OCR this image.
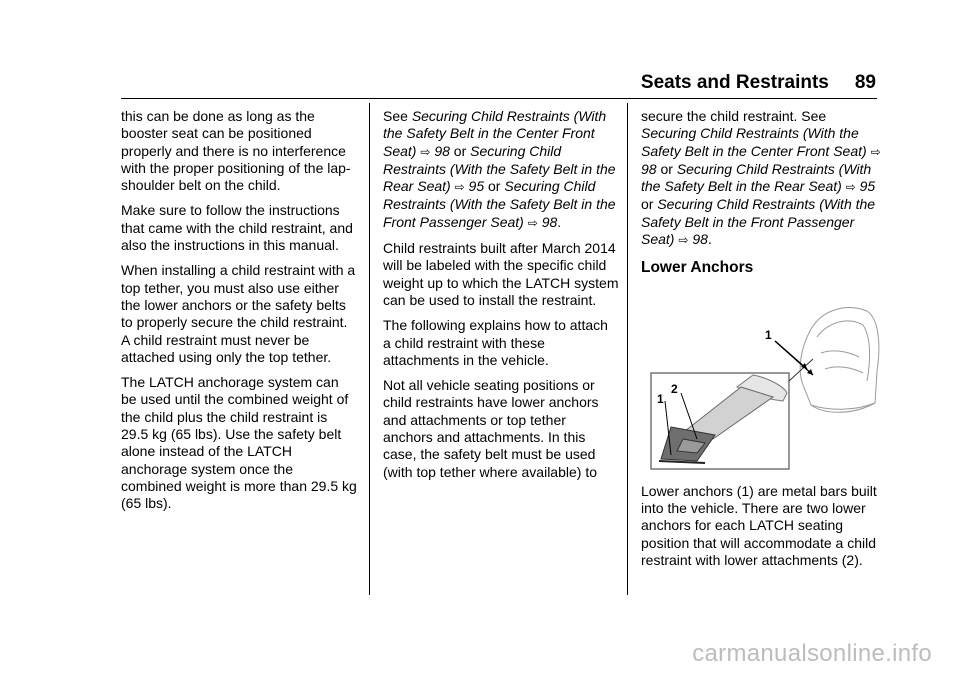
Seats and Restraints 89

this can be done as long as the booster seat can be positioned properly and there is no interference with the proper positioning of the lap-shoulder belt on the child.

Make sure to follow the instructions that came with the child restraint, and also the instructions in this manual.

When installing a child restraint with a top tether, you must also use either the lower anchors or the safety belts to properly secure the child restraint. A child restraint must never be attached using only the top tether.

The LATCH anchorage system can be used until the combined weight of the child plus the child restraint is 29.5 kg (65 lbs). Use the safety belt alone instead of the LATCH anchorage system once the combined weight is more than 29.5 kg (65 lbs).

See Securing Child Restraints (With the Safety Belt in the Center Front Seat) ⇨ 98 or Securing Child Restraints (With the Safety Belt in the Rear Seat) ⇨ 95 or Securing Child Restraints (With the Safety Belt in the Front Passenger Seat) ⇨ 98.

Child restraints built after March 2014 will be labeled with the specific child weight up to which the LATCH system can be used to install the restraint.

The following explains how to attach a child restraint with these attachments in the vehicle.

Not all vehicle seating positions or child restraints have lower anchors and attachments or top tether anchors and attachments. In this case, the safety belt must be used (with top tether where available) to

secure the child restraint. See Securing Child Restraints (With the Safety Belt in the Center Front Seat) ⇨ 98 or Securing Child Restraints (With the Safety Belt in the Rear Seat) ⇨ 95 or Securing Child Restraints (With the Safety Belt in the Front Passenger Seat) ⇨ 98.

Lower Anchors
1
2
1

Lower anchors (1) are metal bars built into the vehicle. There are two lower anchors for each LATCH seating position that will accommodate a child restraint with lower attachments (2).

carmanualsonline.info
